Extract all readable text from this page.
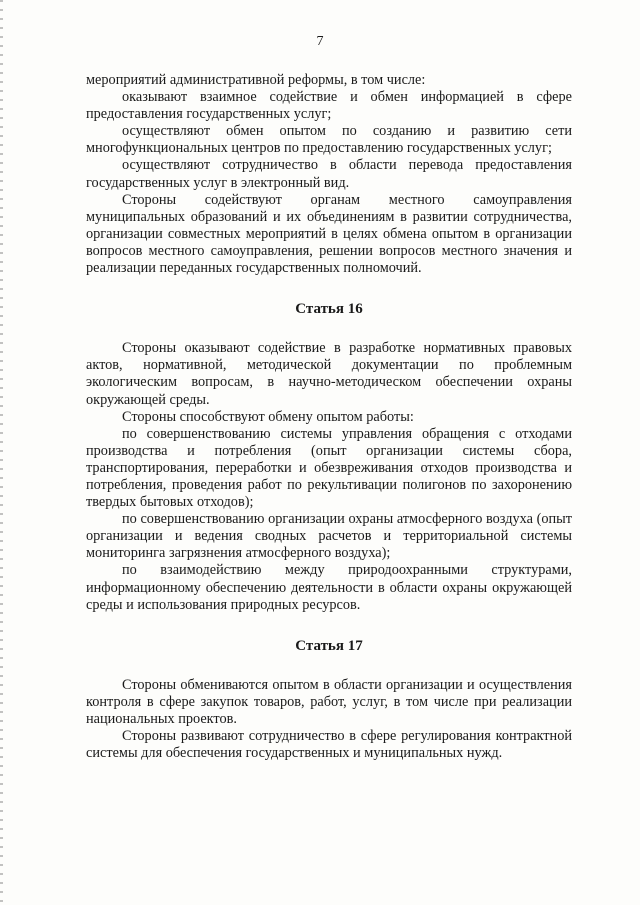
7

мероприятий административной реформы, в том числе:

оказывают взаимное содействие и обмен информацией в сфере предоставления государственных услуг;

осуществляют обмен опытом по созданию и развитию сети многофункциональных центров по предоставлению государственных услуг;

осуществляют сотрудничество в области перевода предоставления государственных услуг в электронный вид.

Стороны содействуют органам местного самоуправления муниципальных образований и их объединениям в развитии сотрудничества, организации совместных мероприятий в целях обмена опытом в организации вопросов местного самоуправления, решении вопросов местного значения и реализации переданных государственных полномочий.

Статья 16

Стороны оказывают содействие в разработке нормативных правовых актов, нормативной, методической документации по проблемным экологическим вопросам, в научно-методическом обеспечении охраны окружающей среды.

Стороны способствуют обмену опытом работы:

по совершенствованию системы управления обращения с отходами производства и потребления (опыт организации системы сбора, транспортирования, переработки и обезвреживания отходов производства и потребления, проведения работ по рекультивации полигонов по захоронению твердых бытовых отходов);

по совершенствованию организации охраны атмосферного воздуха (опыт организации и ведения сводных расчетов и территориальной системы мониторинга загрязнения атмосферного воздуха);

по взаимодействию между природоохранными структурами, информационному обеспечению деятельности в области охраны окружающей среды и использования природных ресурсов.

Статья 17

Стороны обмениваются опытом в области организации и осуществления контроля в сфере закупок товаров, работ, услуг, в том числе при реализации национальных проектов.

Стороны развивают сотрудничество в сфере регулирования контрактной системы для обеспечения государственных и муниципальных нужд.
